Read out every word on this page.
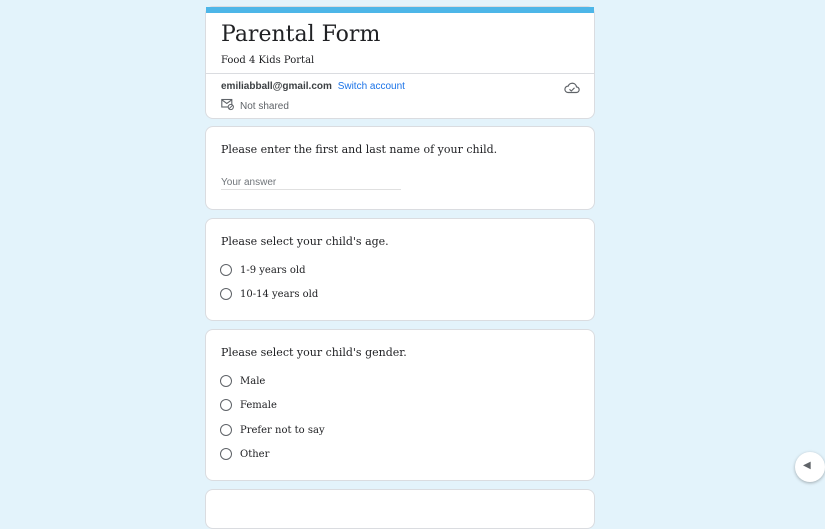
Parental Form
Food 4 Kids Portal
emiliabball@gmail.com Switch account
Not shared
Please enter the first and last name of your child.
Your answer
Please select your child's age.
1-9 years old
10-14 years old
Please select your child's gender.
Male
Female
Prefer not to say
Other
◀
